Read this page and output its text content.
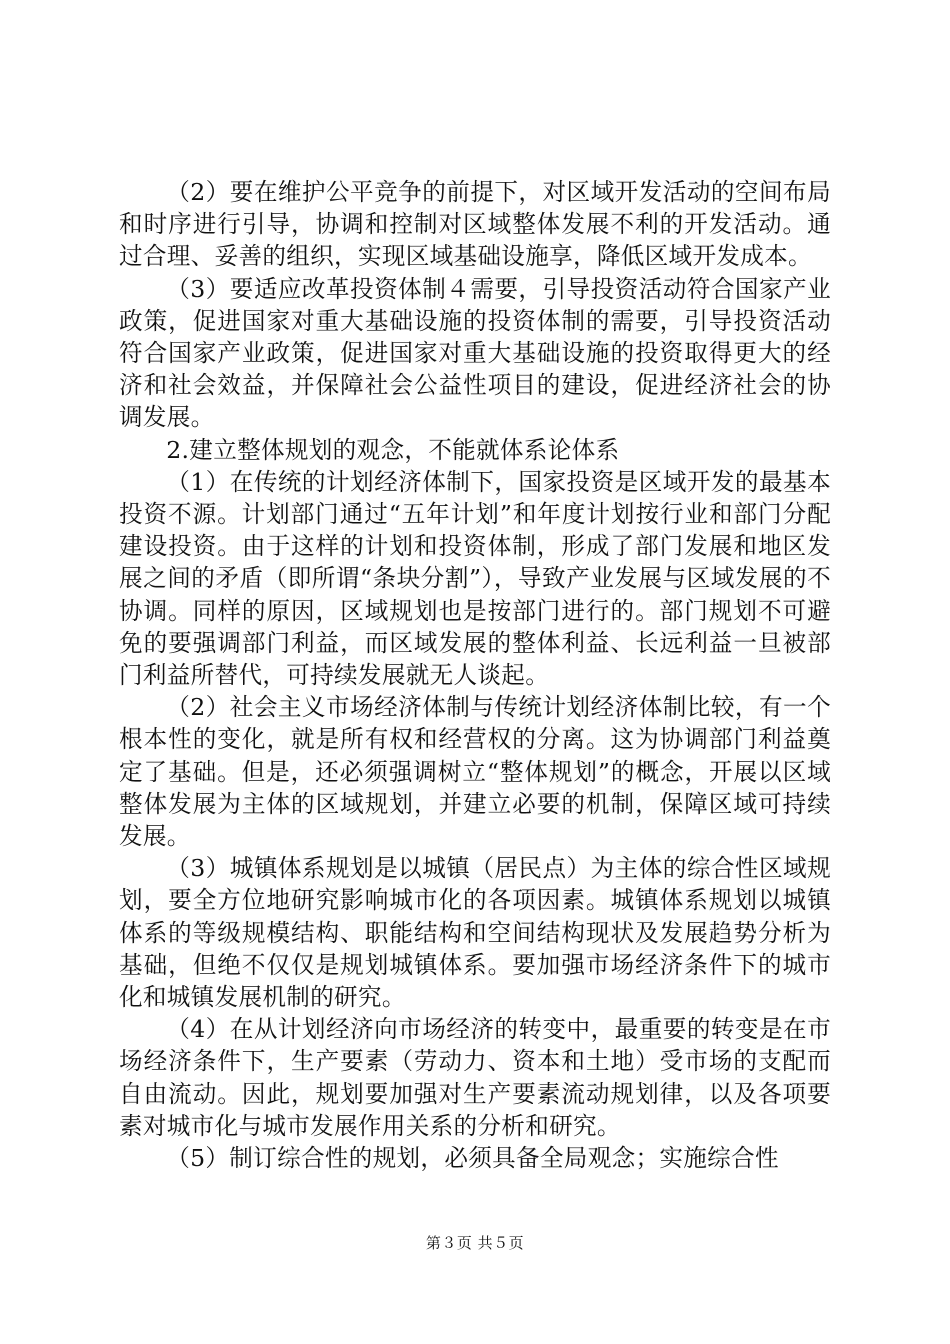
（2）要在维护公平竞争的前提下，对区域开发活动的空间布局和时序进行引导，协调和控制对区域整体发展不利的开发活动。通过合理、妥善的组织，实现区域基础设施享，降低区域开发成本。

（3）要适应改革投资体制４需要，引导投资活动符合国家产业政策，促进国家对重大基础设施的投资体制的需要，引导投资活动符合国家产业政策，促进国家对重大基础设施的投资取得更大的经济和社会效益，并保障社会公益性项目的建设，促进经济社会的协调发展。

2.建立整体规划的观念，不能就体系论体系

（1）在传统的计划经济体制下，国家投资是区域开发的最基本投资不源。计划部门通过“五年计划”和年度计划按行业和部门分配建设投资。由于这样的计划和投资体制，形成了部门发展和地区发展之间的矛盾（即所谓“条块分割”），导致产业发展与区域发展的不协调。同样的原因，区域规划也是按部门进行的。部门规划不可避免的要强调部门利益，而区域发展的整体利益、长远利益一旦被部门利益所替代，可持续发展就无人谈起。

（2）社会主义市场经济体制与传统计划经济体制比较，有一个根本性的变化，就是所有权和经营权的分离。这为协调部门利益奠定了基础。但是，还必须强调树立“整体规划”的概念，开展以区域整体发展为主体的区域规划，并建立必要的机制，保障区域可持续发展。

（3）城镇体系规划是以城镇（居民点）为主体的综合性区域规划，要全方位地研究影响城市化的各项因素。城镇体系规划以城镇体系的等级规模结构、职能结构和空间结构现状及发展趋势分析为基础，但绝不仅仅是规划城镇体系。要加强市场经济条件下的城市化和城镇发展机制的研究。

（4）在从计划经济向市场经济的转变中，最重要的转变是在市场经济条件下，生产要素（劳动力、资本和土地）受市场的支配而自由流动。因此，规划要加强对生产要素流动规划律，以及各项要素对城市化与城市发展作用关系的分析和研究。

（5）制订综合性的规划，必须具备全局观念；实施综合性

第３页 共５页
